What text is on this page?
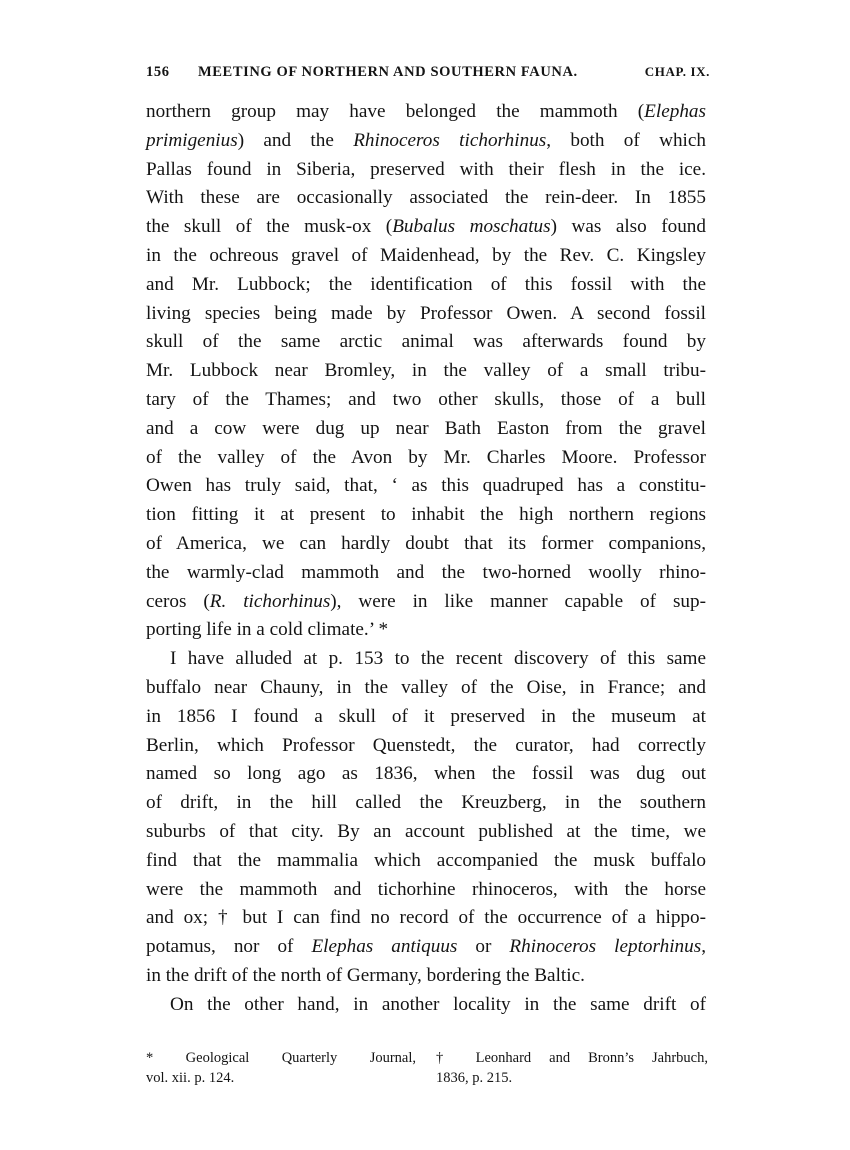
156 MEETING OF NORTHERN AND SOUTHERN FAUNA.	CHAP. IX.
northern group may have belonged the mammoth (Elephas
primigenius) and the Rhinoceros tichorhinus, both of which
Pallas found in Siberia, preserved with their flesh in the ice.
With these are occasionally associated the rein-deer. In 1855
the skull of the musk-ox (Bubalus moschatus) was also found
in the ochreous gravel of Maidenhead, by the Rev. C. Kingsley
and Mr. Lubbock; the identification of this fossil with the
living species being made by Professor Owen. A second fossil
skull of the same arctic animal was afterwards found by
Mr. Lubbock near Bromley, in the valley of a small tribu-
tary of the Thames; and two other skulls, those of a bull
and a cow were dug up near Bath Easton from the gravel
of the valley of the Avon by Mr. Charles Moore. Professor
Owen has truly said, that, ‘ as this quadruped has a constitu-
tion fitting it at present to inhabit the high northern regions
of America, we can hardly doubt that its former companions,
the warmly-clad mammoth and the two-horned woolly rhino-
ceros (R. tichorhinus), were in like manner capable of sup-
porting life in a cold climate.’ *
I have alluded at p. 153 to the recent discovery of this same
buffalo near Chauny, in the valley of the Oise, in France; and
in 1856 I found a skull of it preserved in the museum at
Berlin, which Professor Quenstedt, the curator, had correctly
named so long ago as 1836, when the fossil was dug out
of drift, in the hill called the Kreuzberg, in the southern
suburbs of that city. By an account published at the time, we
find that the mammalia which accompanied the musk buffalo
were the mammoth and tichorhine rhinoceros, with the horse
and ox; † but I can find no record of the occurrence of a hippo-
potamus, nor of Elephas antiquus or Rhinoceros leptorhinus,
in the drift of the north of Germany, bordering the Baltic.
On the other hand, in another locality in the same drift of
* Geological Quarterly Journal,
vol. xii. p. 124.
† Leonhard and Bronn’s Jahrbuch,
1836, p. 215.
